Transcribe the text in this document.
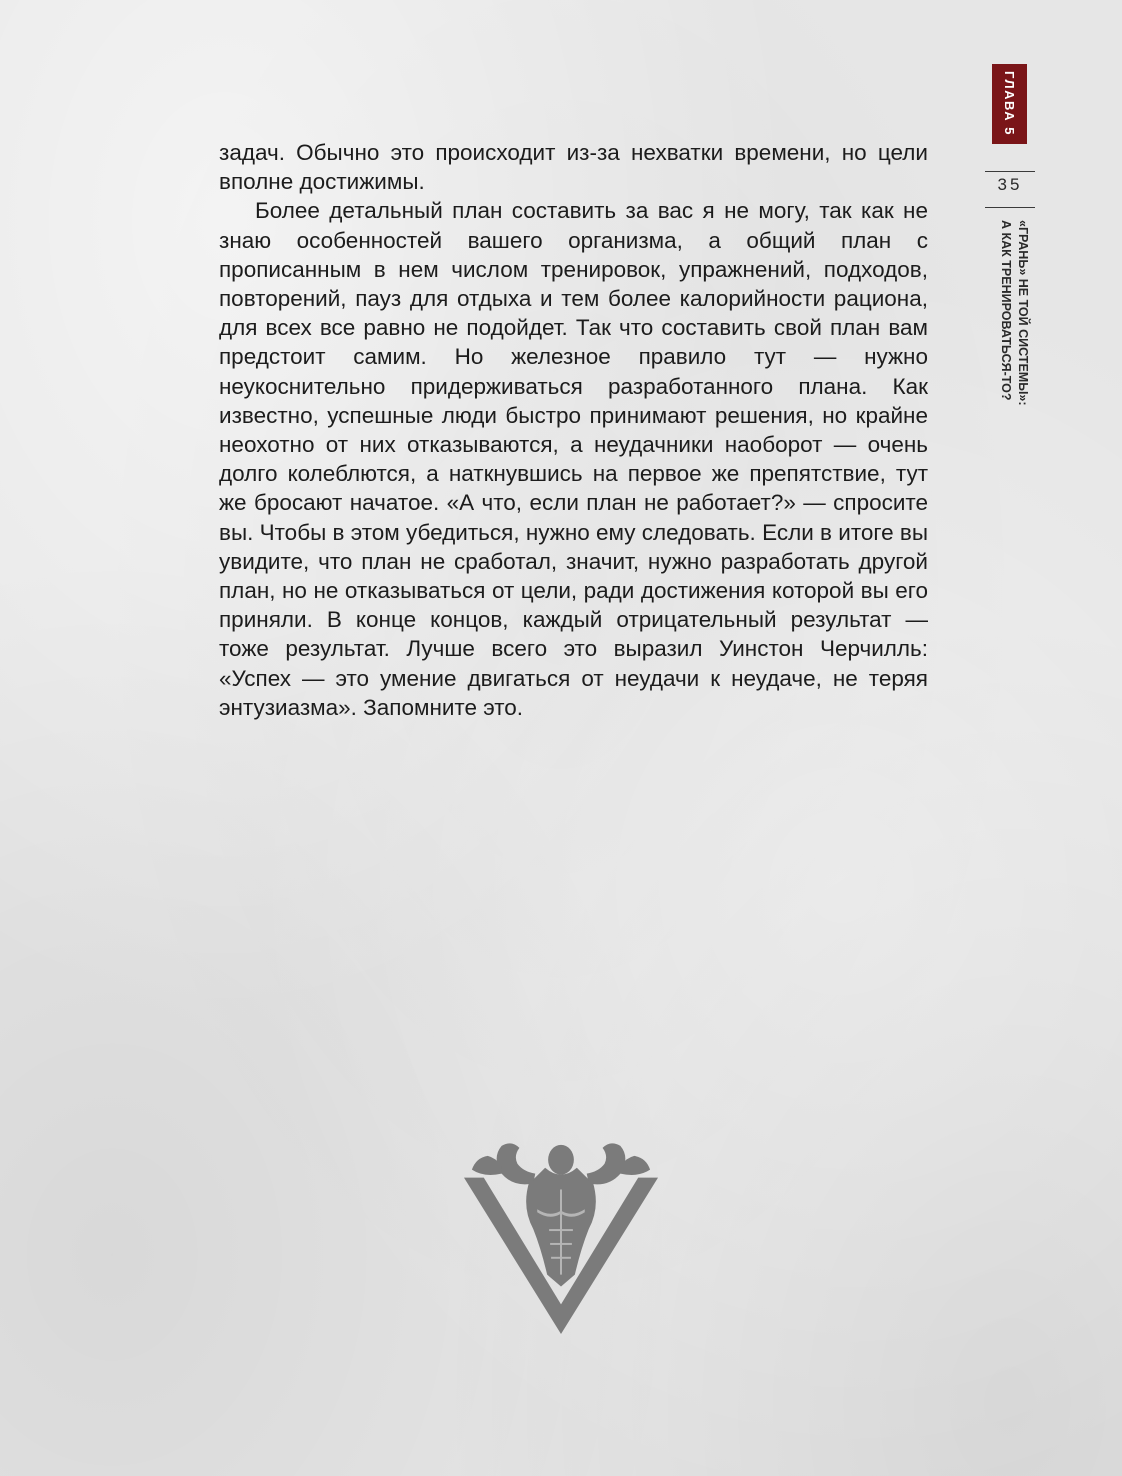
задач. Обычно это происходит из-за нехватки времени, но цели вполне достижимы.

Более детальный план составить за вас я не могу, так как не знаю особенностей вашего организма, а общий план с прописанным в нем числом тренировок, упражнений, подходов, повторений, пауз для отдыха и тем более калорийности рациона, для всех все равно не подойдет. Так что составить свой план вам предстоит самим. Но железное правило тут — нужно неукоснительно придерживаться разработанного плана. Как известно, успешные люди быстро принимают решения, но крайне неохотно от них отказываются, а неудачники наоборот — очень долго колеблются, а наткнувшись на первое же препятствие, тут же бросают начатое. «А что, если план не работает?» — спросите вы. Чтобы в этом убедиться, нужно ему следовать. Если в итоге вы увидите, что план не сработал, значит, нужно разработать другой план, но не отказываться от цели, ради достижения которой вы его приняли. В конце концов, каждый отрицательный результат — тоже результат. Лучше всего это выразил Уинстон Черчилль: «Успех — это умение двигаться от неудачи к неудаче, не теряя энтузиазма». Запомните это.

ГЛАВА 5
35
«ГРАНЬ» НЕ ТОЙ СИСТЕМЫ»:
А КАК ТРЕНИРОВАТЬСЯ-ТО?
